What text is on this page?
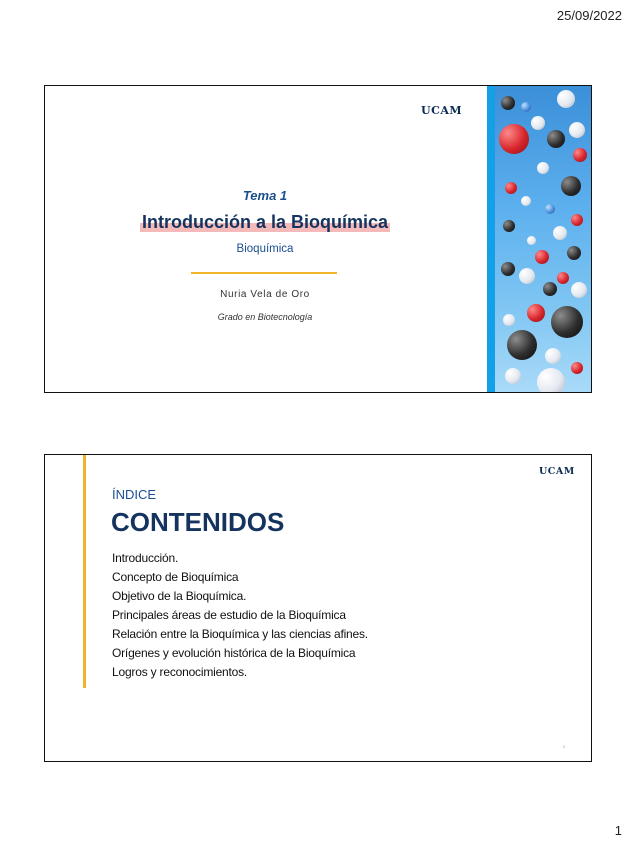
25/09/2022
UCAM
Tema 1
Introducción a la Bioquímica
Bioquímica
Nuria Vela de Oro
Grado en Biotecnología
UCAM
ÍNDICE
CONTENIDOS
Introducción.
Concepto de Bioquímica
Objetivo de la Bioquímica.
Principales áreas de estudio de la Bioquímica
Relación entre la Bioquímica y las ciencias afines.
Orígenes y evolución histórica de la Bioquímica
Logros y reconocimientos.
2
1
